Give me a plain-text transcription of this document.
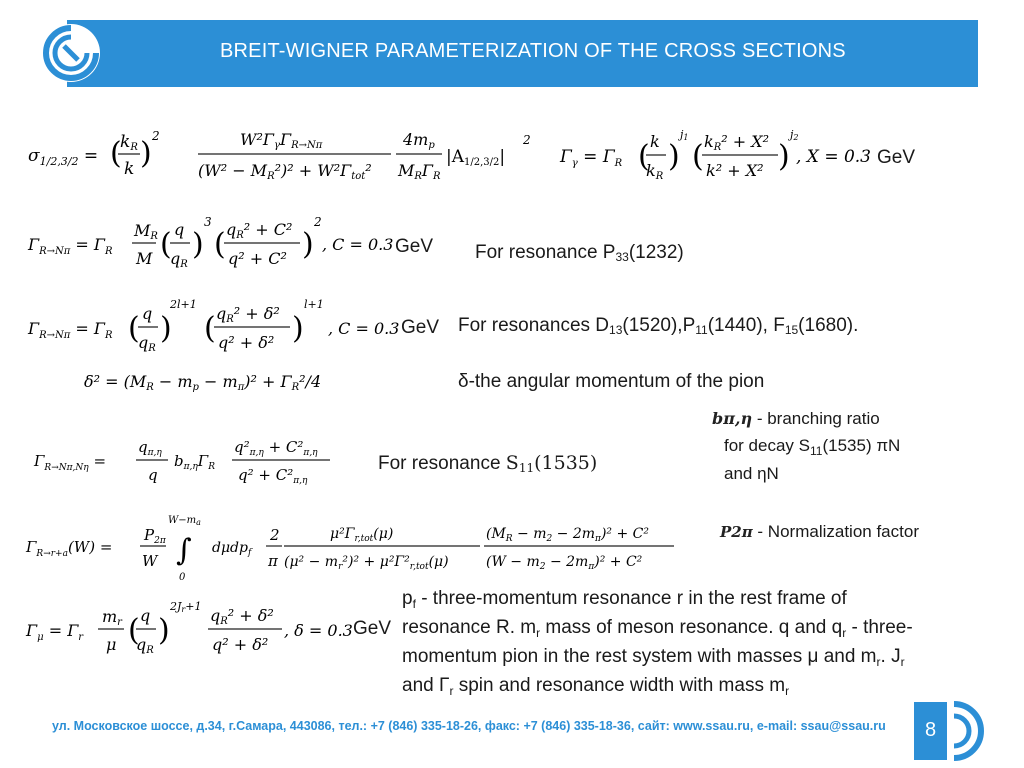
BREIT-WIGNER PARAMETERIZATION OF THE CROSS SECTIONS
$\sigma_{1/2,3/2}$ =
kR
k
( ) 2	W²ΓγΓR→Nπ
(W² − MR²)² + W²Γtot²
4mp
MRΓR
|A1/2,3/2|
2
$\Gamma_\gamma = \Gamma_R$ ( k
kR
)
j1
( kR² + X²
k² + X² )
j2
, X = 0.3 GeV
$\Gamma_{R\to N\pi} = \Gamma_R$
MR
M ( q
qR
)
3
( qR² + C²
q² + C² )
2
, C = 0.3 GeV For resonance $P_{33}(1232)$
$\Gamma_{R\to N\pi} = \Gamma_R$ ( q
qR
)
2l+1
( qR² + δ²
q² + δ² )
l+1
, C = 0.3 GeV For resonances $D_{13}(1520),P_{11}(1440)$, $F_{15}(1680)$.
δ² = (MR − mp − mπ)² + ΓR²/4	δ-the angular momentum of the pion
$\Gamma_{R\to N\pi,N\eta}$ =
$q_{\pi,\eta}$
q
$b_{\pi,\eta}\Gamma_R$
$q^2_{\pi,\eta} + C^2_{\pi,\eta}$
$q^2 + C^2_{\pi,\eta}$
For resonance $S_{11}(1535)$
bπ,η - branching ratio
for decay $S_{11}(1535)$ πN
and ηN
$\Gamma_{R\to r+a}(W)$ =
$P_{2\pi}$
W
$W-m_a$
∫
0
dμdp$_f$
2
π
$\mu^2\Gamma_{r,tot}(\mu)$
$(\mu^2 - m_r^2)^2 + \mu^2\Gamma^2_{r,tot}(\mu)$
$(M_R - m_2 - 2m_\pi)^2 + C^2$
$(W - m_2 - 2m_\pi)^2 + C^2$
P2π - Normalization factor
$\Gamma_\mu = \Gamma_r$
mr
μ ( q
qR
)
2Jr+1 qR² + δ²
q² + δ²
, δ = 0.3 GeV
$p_f$ - three-momentum resonance r in the rest frame of
resonance R. $m_r$ mass of meson resonance. q and $q_r$ - three-
momentum pion in the rest system with masses μ and $m_r$. $J_r$
and $\Gamma_r$ spin and resonance width with mass $m_r$
ул. Московское шоссе, д.34, г.Самара, 443086, тел.: +7 (846) 335-18-26, факс: +7 (846) 335-18-36, сайт: www.ssau.ru, e-mail: ssau@ssau.ru	8
